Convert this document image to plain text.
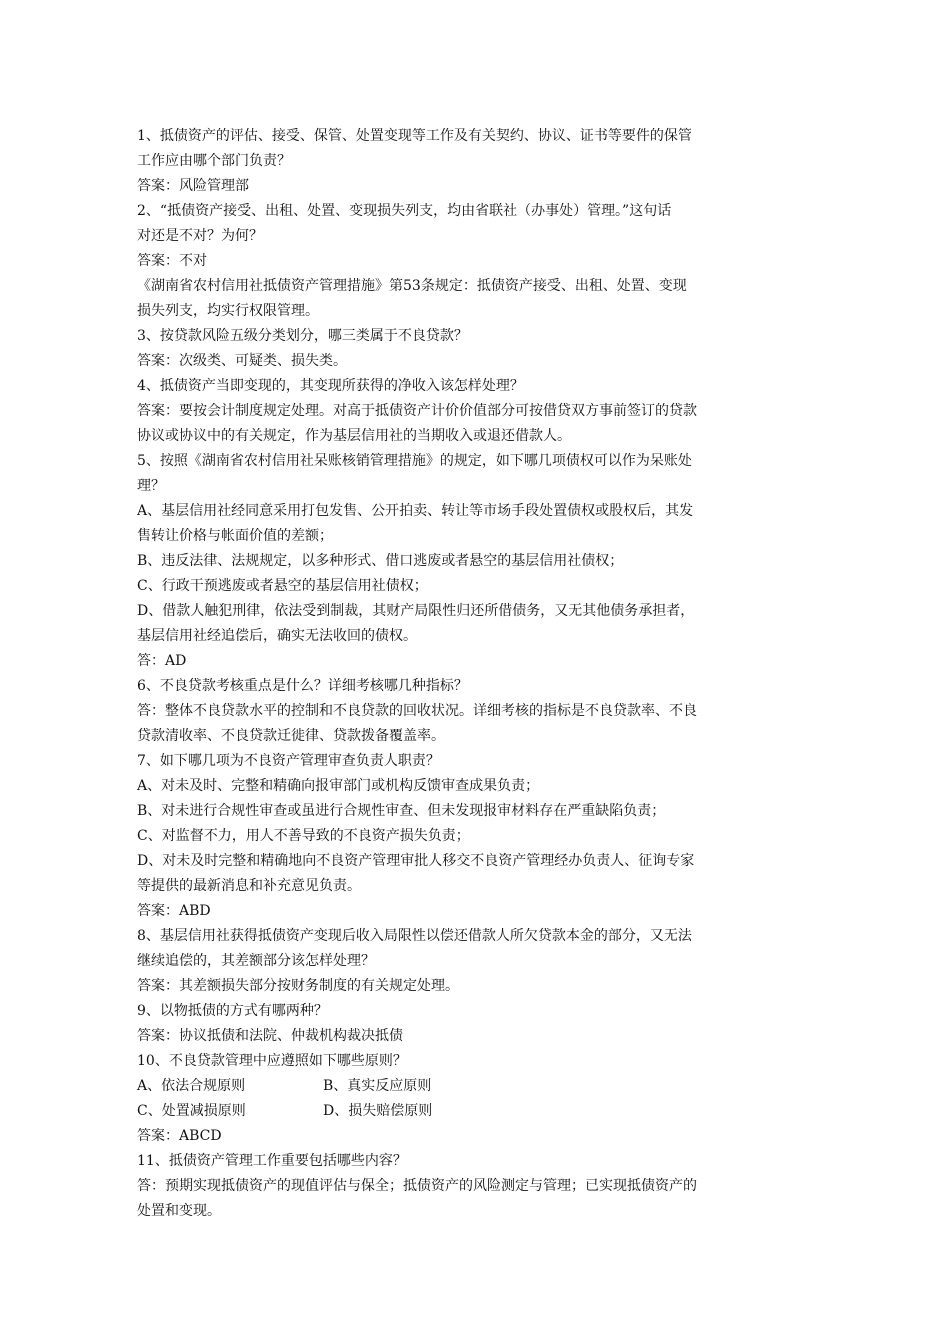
1、抵债资产的评估、接受、保管、处置变现等工作及有关契约、协议、证书等要件的保管
工作应由哪个部门负责？
答案：风险管理部
2、“抵债资产接受、出租、处置、变现损失列支，均由省联社（办事处）管理。”这句话
对还是不对？为何？
答案：不对
《湖南省农村信用社抵债资产管理措施》第53条规定：抵债资产接受、出租、处置、变现
损失列支，均实行权限管理。
3、按贷款风险五级分类划分，哪三类属于不良贷款？
答案：次级类、可疑类、损失类。
4、抵债资产当即变现的，其变现所获得的净收入该怎样处理？
答案：要按会计制度规定处理。对高于抵债资产计价价值部分可按借贷双方事前签订的贷款
协议或协议中的有关规定，作为基层信用社的当期收入或退还借款人。
5、按照《湖南省农村信用社呆账核销管理措施》的规定，如下哪几项债权可以作为呆账处
理？
A、基层信用社经同意采用打包发售、公开拍卖、转让等市场手段处置债权或股权后，其发
售转让价格与帐面价值的差额；
B、违反法律、法规规定，以多种形式、借口逃废或者悬空的基层信用社债权；
C、行政干预逃废或者悬空的基层信用社债权；
D、借款人触犯刑律，依法受到制裁，其财产局限性归还所借债务，又无其他债务承担者，
基层信用社经追偿后，确实无法收回的债权。
答：AD
6、不良贷款考核重点是什么？详细考核哪几种指标？
答：整体不良贷款水平的控制和不良贷款的回收状况。详细考核的指标是不良贷款率、不良
贷款清收率、不良贷款迁徙律、贷款拨备覆盖率。
7、如下哪几项为不良资产管理审查负责人职责？
A、对未及时、完整和精确向报审部门或机构反馈审查成果负责；
B、对未进行合规性审查或虽进行合规性审查、但未发现报审材料存在严重缺陷负责；
C、对监督不力，用人不善导致的不良资产损失负责；
D、对未及时完整和精确地向不良资产管理审批人移交不良资产管理经办负责人、征询专家
等提供的最新消息和补充意见负责。
答案：ABD
8、基层信用社获得抵债资产变现后收入局限性以偿还借款人所欠贷款本金的部分，又无法
继续追偿的，其差额部分该怎样处理？
答案：其差额损失部分按财务制度的有关规定处理。
9、以物抵债的方式有哪两种？
答案：协议抵债和法院、仲裁机构裁决抵债
10、不良贷款管理中应遵照如下哪些原则？
A、依法合规原则	B、真实反应原则
C、处置减损原则	D、损失赔偿原则
答案：ABCD
11、抵债资产管理工作重要包括哪些内容？
答：预期实现抵债资产的现值评估与保全；抵债资产的风险测定与管理；已实现抵债资产的
处置和变现。
